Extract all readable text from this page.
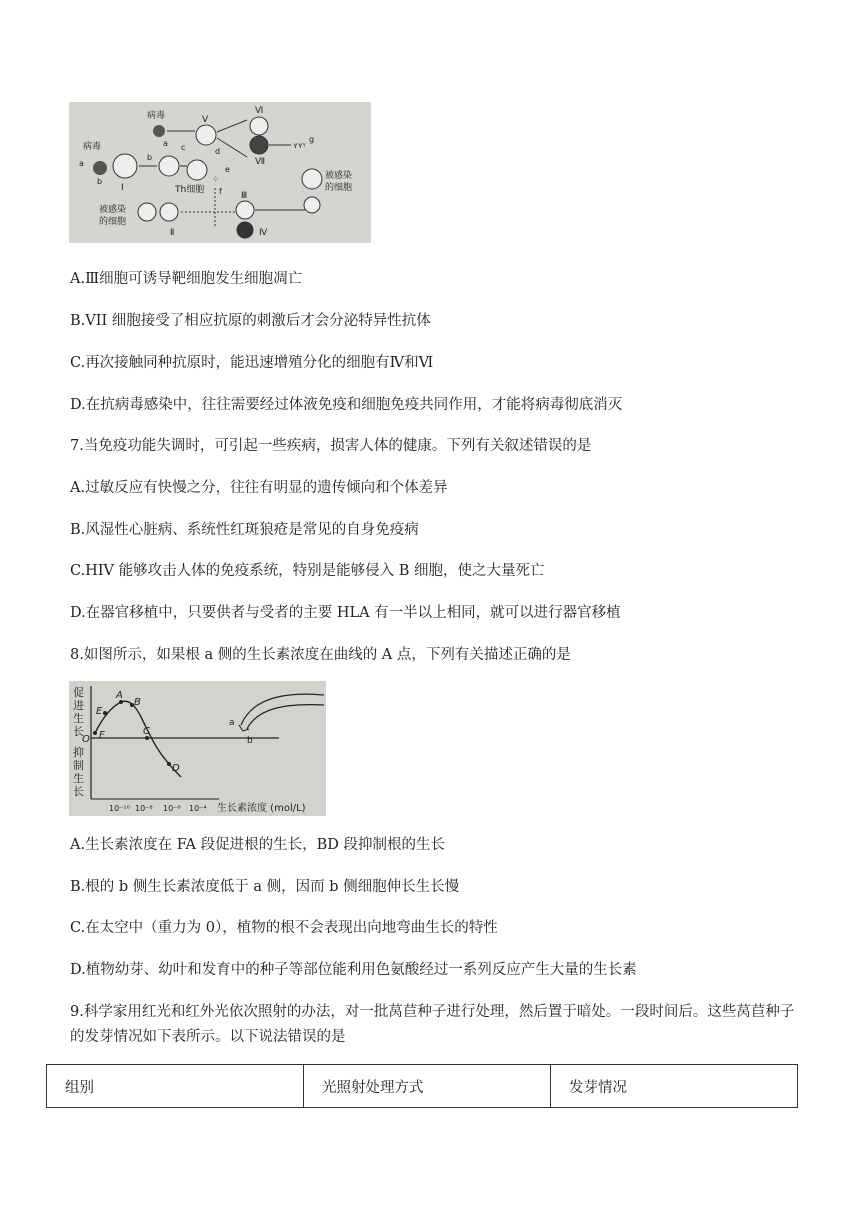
病毒	Ⅴ
Ⅵ
Ⅶ
ʏʏᵞ
g
病毒
a
b
Ⅰ
b
a
Th细胞
c	d
e
f
⁘	被感染
的细胞
被感染
的细胞
Ⅱ
Ⅲ
Ⅳ
A.Ⅲ细胞可诱导靶细胞发生细胞凋亡
B.VII 细胞接受了相应抗原的刺激后才会分泌特异性抗体
C.再次接触同种抗原时，能迅速增殖分化的细胞有Ⅳ和Ⅵ
D.在抗病毒感染中，往往需要经过体液免疫和细胞免疫共同作用，才能将病毒彻底消灭
7.当免疫功能失调时，可引起一些疾病，损害人体的健康。下列有关叙述错误的是
A.过敏反应有快慢之分，往往有明显的遗传倾向和个体差异
B.风湿性心脏病、系统性红斑狼疮是常见的自身免疫病
C.HIV 能够攻击人体的免疫系统，特别是能够侵入 B 细胞，使之大量死亡
D.在器官移植中，只要供者与受者的主要 HLA 有一半以上相同，就可以进行器官移植
8.如图所示，如果根 a 侧的生长素浓度在曲线的 A 点，下列有关描述正确的是
促进生长
抑制生长
O
10⁻¹⁰ 10⁻⁸ 10⁻⁶ 10⁻⁴ 生长素浓度 (mol/L)
F
E
A
B
C
D
a
b
A.生长素浓度在 FA 段促进根的生长，BD 段抑制根的生长
B.根的 b 侧生长素浓度低于 a 侧，因而 b 侧细胞伸长生长慢
C.在太空中（重力为 0），植物的根不会表现出向地弯曲生长的特性
D.植物幼芽、幼叶和发育中的种子等部位能利用色氨酸经过一系列反应产生大量的生长素
9.科学家用红光和红外光依次照射的办法，对一批莴苣种子进行处理，然后置于暗处。一段时间后。这些莴苣种子的发芽情况如下表所示。以下说法错误的是
组别	光照射处理方式	发芽情况
